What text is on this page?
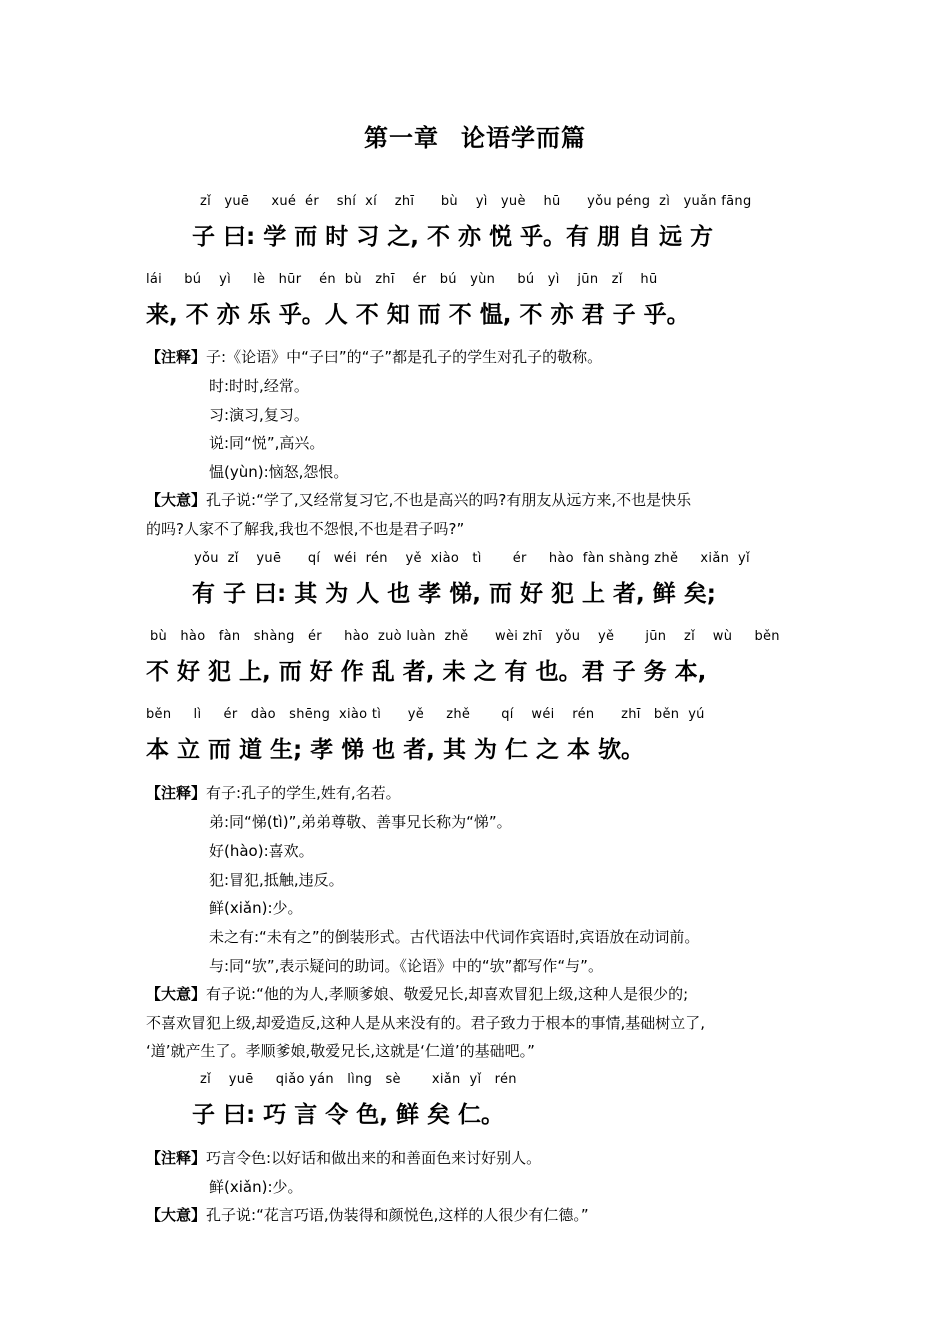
第一章 论语学而篇
zǐ   yuē     xué  ér    shí  xí    zhī      bù    yì   yuè    hū      yǒu péng  zì   yuǎn fāng
子 曰: 学 而 时 习 之, 不 亦 悦 乎。有 朋 自 远 方
lái     bú    yì     lè   hūr    én  bù   zhī    ér   bú   yùn     bú   yì    jūn   zǐ    hū
来, 不 亦 乐 乎。人 不 知 而 不 愠, 不 亦 君 子 乎。
【注释】子:《论语》中“子曰”的“子”都是孔子的学生对孔子的敬称。
时:时时,经常。
习:演习,复习。
说:同“悦”,高兴。
愠(yùn):恼怒,怨恨。
【大意】孔子说:“学了,又经常复习它,不也是高兴的吗?有朋友从远方来,不也是快乐
的吗?人家不了解我,我也不怨恨,不也是君子吗?”
yǒu  zǐ    yuē      qí   wéi  rén    yě  xiào   tì       ér     hào  fàn shàng zhě     xiǎn  yǐ
有 子 曰: 其 为 人 也 孝 悌, 而 好 犯 上 者, 鲜 矣;
bù   hào   fàn   shàng   ér     hào  zuò luàn  zhě      wèi zhī   yǒu    yě       jūn    zǐ    wù     běn
不 好 犯 上, 而 好 作 乱 者, 未 之 有 也。君 子 务 本,
běn     lì     ér   dào   shēng  xiào tì      yě     zhě       qí    wéi    rén      zhī   běn  yú
本 立 而 道 生; 孝 悌 也 者, 其 为 仁 之 本 欤。
【注释】有子:孔子的学生,姓有,名若。
弟:同“悌(tì)”,弟弟尊敬、善事兄长称为“悌”。
好(hào):喜欢。
犯:冒犯,抵触,违反。
鲜(xiǎn):少。
未之有:“未有之”的倒装形式。古代语法中代词作宾语时,宾语放在动词前。
与:同“欤”,表示疑问的助词。《论语》中的“欤”都写作“与”。
【大意】有子说:“他的为人,孝顺爹娘、敬爱兄长,却喜欢冒犯上级,这种人是很少的;
不喜欢冒犯上级,却爱造反,这种人是从来没有的。君子致力于根本的事情,基础树立了,
‘道’就产生了。孝顺爹娘,敬爱兄长,这就是‘仁道’的基础吧。”
zǐ    yuē     qiǎo yán   lìng   sè       xiǎn  yǐ   rén
子 曰: 巧 言 令 色, 鲜 矣 仁。
【注释】巧言令色:以好话和做出来的和善面色来讨好别人。
鲜(xiǎn):少。
【大意】孔子说:“花言巧语,伪装得和颜悦色,这样的人很少有仁德。”
